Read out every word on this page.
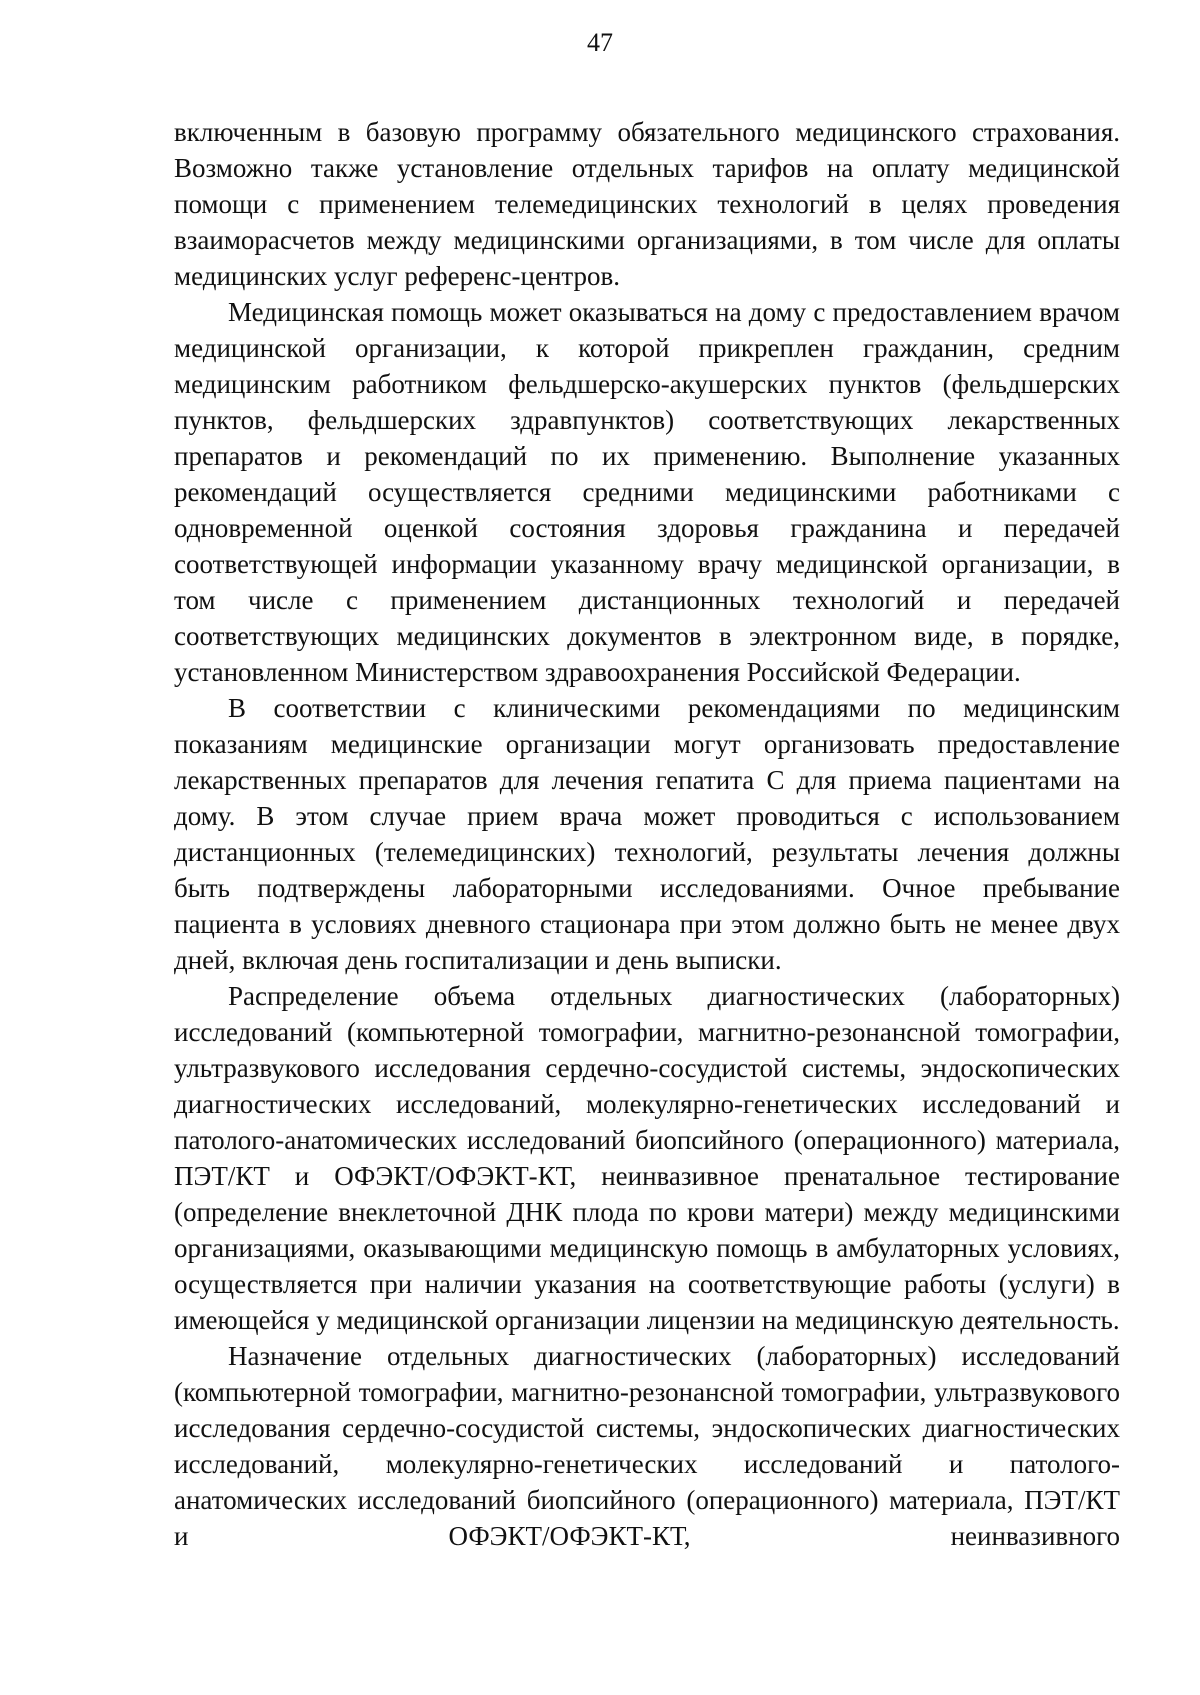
47

включенным в базовую программу обязательного медицинского страхования. Возможно также установление отдельных тарифов на оплату медицинской помощи с применением телемедицинских технологий в целях проведения взаиморасчетов между медицинскими организациями, в том числе для оплаты медицинских услуг референс-центров.

Медицинская помощь может оказываться на дому с предоставлением врачом медицинской организации, к которой прикреплен гражданин, средним медицинским работником фельдшерско-акушерских пунктов (фельдшерских пунктов, фельдшерских здравпунктов) соответствующих лекарственных препаратов и рекомендаций по их применению. Выполнение указанных рекомендаций осуществляется средними медицинскими работниками с одновременной оценкой состояния здоровья гражданина и передачей соответствующей информации указанному врачу медицинской организации, в том числе с применением дистанционных технологий и передачей соответствующих медицинских документов в электронном виде, в порядке, установленном Министерством здравоохранения Российской Федерации.

В соответствии с клиническими рекомендациями по медицинским показаниям медицинские организации могут организовать предоставление лекарственных препаратов для лечения гепатита С для приема пациентами на дому. В этом случае прием врача может проводиться с использованием дистанционных (телемедицинских) технологий, результаты лечения должны быть подтверждены лабораторными исследованиями. Очное пребывание пациента в условиях дневного стационара при этом должно быть не менее двух дней, включая день госпитализации и день выписки.

Распределение объема отдельных диагностических (лабораторных) исследований (компьютерной томографии, магнитно-резонансной томографии, ультразвукового исследования сердечно-сосудистой системы, эндоскопических диагностических исследований, молекулярно-генетических исследований и патолого-анатомических исследований биопсийного (операционного) материала, ПЭТ/КТ и ОФЭКТ/ОФЭКТ-КТ, неинвазивное пренатальное тестирование (определение внеклеточной ДНК плода по крови матери) между медицинскими организациями, оказывающими медицинскую помощь в амбулаторных условиях, осуществляется при наличии указания на соответствующие работы (услуги) в имеющейся у медицинской организации лицензии на медицинскую деятельность.

Назначение отдельных диагностических (лабораторных) исследований (компьютерной томографии, магнитно-резонансной томографии, ультразвукового исследования сердечно-сосудистой системы, эндоскопических диагностических исследований, молекулярно-генетических исследований и патолого-анатомических исследований биопсийного (операционного) материала, ПЭТ/КТ и ОФЭКТ/ОФЭКТ-КТ, неинвазивного
